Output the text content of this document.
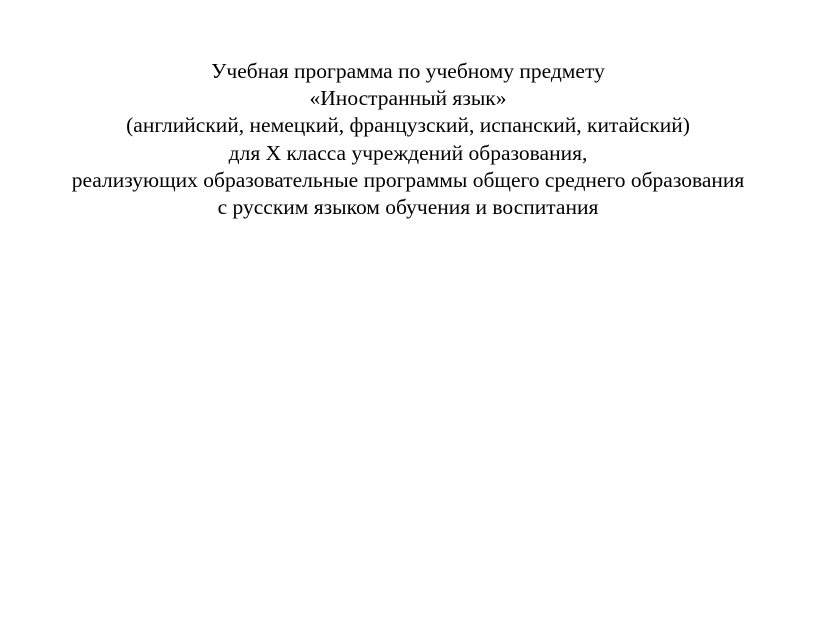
Учебная программа по учебному предмету
«Иностранный язык»
(английский, немецкий, французский, испанский, китайский)
для X класса учреждений образования,
реализующих образовательные программы общего среднего образования
с русским языком обучения и воспитания
